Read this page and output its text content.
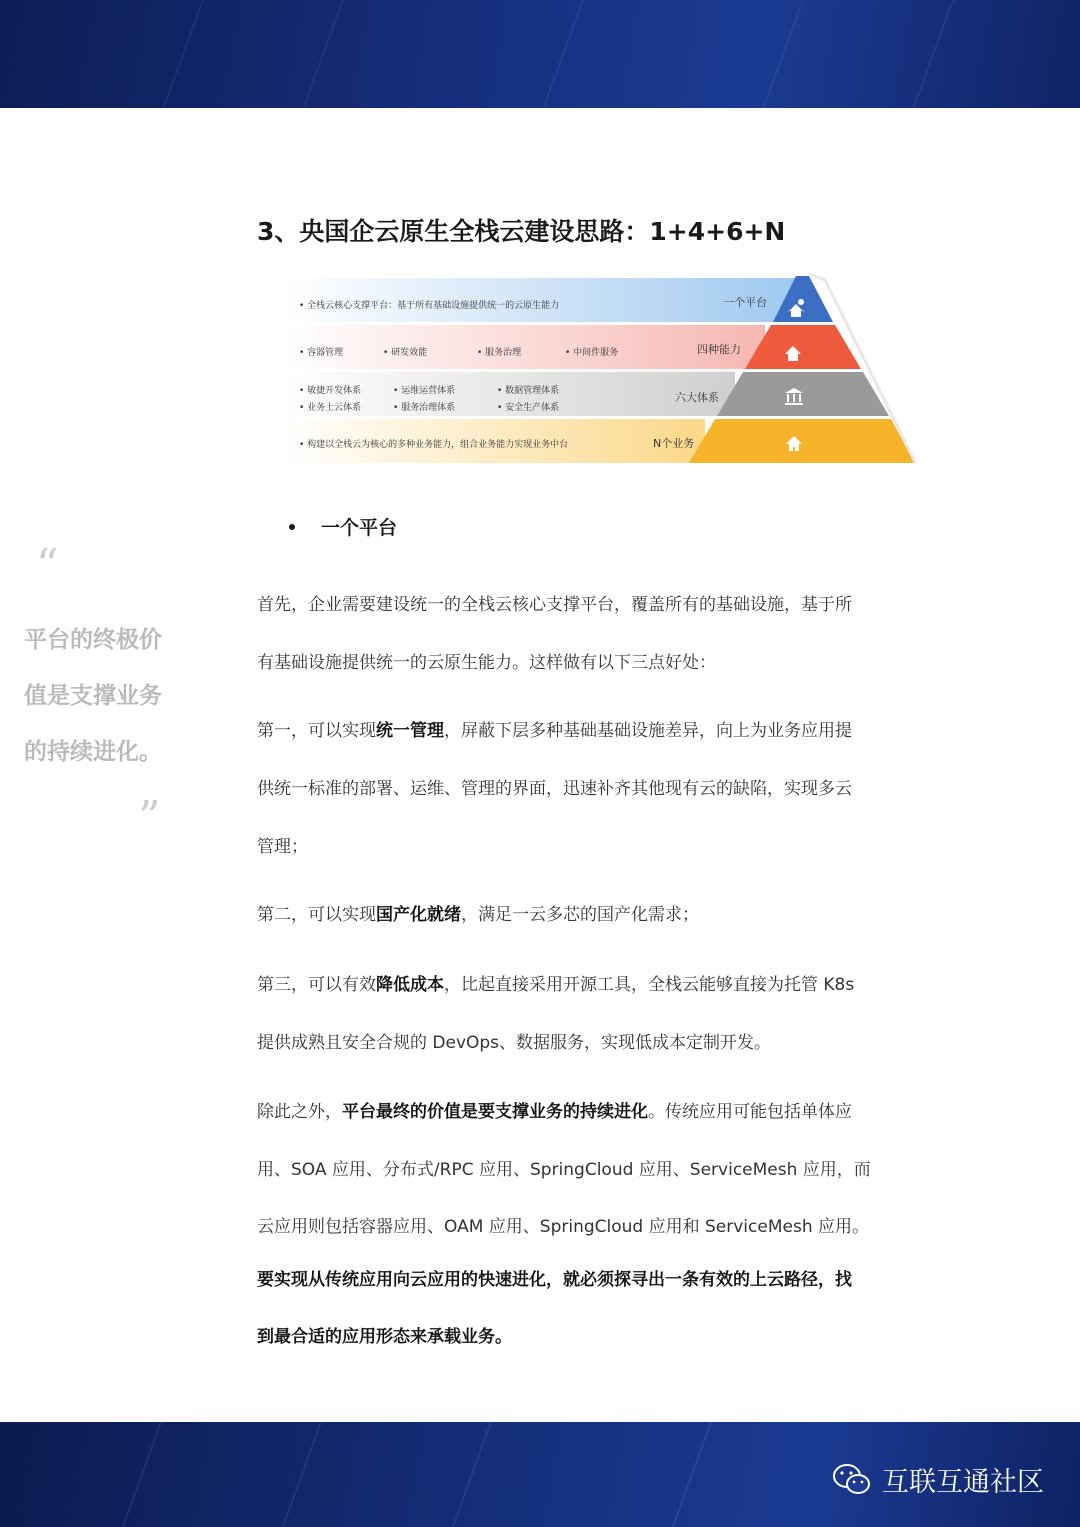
3、央国企云原生全栈云建设思路：1+4+6+N
• 全栈云核心支撑平台：基于所有基础设施提供统一的云原生能力	一个平台
• 容器管理	• 研发效能	• 服务治理	• 中间件服务	四种能力
• 敏捷开发体系	• 运维运营体系	• 数据管理体系
• 业务上云体系	• 服务治理体系	• 安全生产体系
六大体系
• 构建以全栈云为核心的多种业务能力，组合业务能力实现业务中台	N个业务
一个平台
“
平台的终极价
值是支撑业务
的持续进化。
”
首先，企业需要建设统一的全栈云核心支撑平台，覆盖所有的基础设施，基于所
有基础设施提供统一的云原生能力。这样做有以下三点好处：
第一，可以实现统一管理，屏蔽下层多种基础基础设施差异，向上为业务应用提
供统一标准的部署、运维、管理的界面，迅速补齐其他现有云的缺陷，实现多云
管理；
第二，可以实现国产化就绪，满足一云多芯的国产化需求；
第三，可以有效降低成本，比起直接采用开源工具，全栈云能够直接为托管 K8s
提供成熟且安全合规的 DevOps、数据服务，实现低成本定制开发。
除此之外，平台最终的价值是要支撑业务的持续进化。传统应用可能包括单体应
用、SOA 应用、分布式/RPC 应用、SpringCloud 应用、ServiceMesh 应用，而
云应用则包括容器应用、OAM 应用、SpringCloud 应用和 ServiceMesh 应用。
要实现从传统应用向云应用的快速进化，就必须探寻出一条有效的上云路径，找
到最合适的应用形态来承载业务。
互联互通社区
